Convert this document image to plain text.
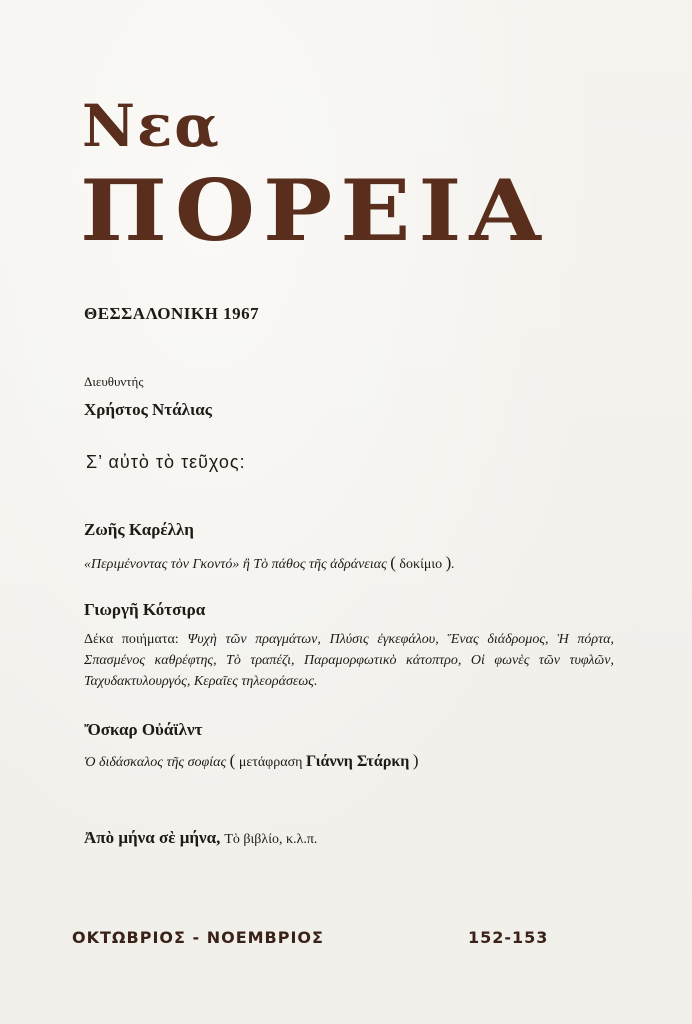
Νεα
ΠΟΡΕΙΑ
ΘΕΣΣΑΛΟΝΙΚΗ 1967
Διευθυντής
Χρήστος Ντάλιας
Σ’ αὐτὸ τὸ τεῦχος:
Ζωῆς Καρέλλη
«Περιμένοντας τὸν Γκοντό» ἢ Τὸ πάθος τῆς ἀδράνειας ( δοκίμιο ).
Γιωργῆ Κότσιρα
Δέκα ποιήματα: Ψυχὴ τῶν πραγμάτων, Πλύσις ἐγκεφάλου, Ἕνας διάδρομος, Ἡ πόρτα, Σπασμένος καθρέφτης, Τὸ τραπέζι, Παραμορφωτικὸ κάτοπτρο, Οἱ φωνὲς τῶν τυφλῶν, Ταχυδακτυλουργός, Κεραῖες τηλεοράσεως.
Ὄσκαρ Οὐάϊλντ
Ὁ διδάσκαλος τῆς σοφίας ( μετάφραση Γιάννη Στάρκη )
Ἀπὸ μήνα σὲ μήνα, Τὸ βιβλίο, κ.λ.π.
ΟΚΤΩΒΡΙΟΣ - ΝΟΕΜΒΡΙΟΣ	152-153
